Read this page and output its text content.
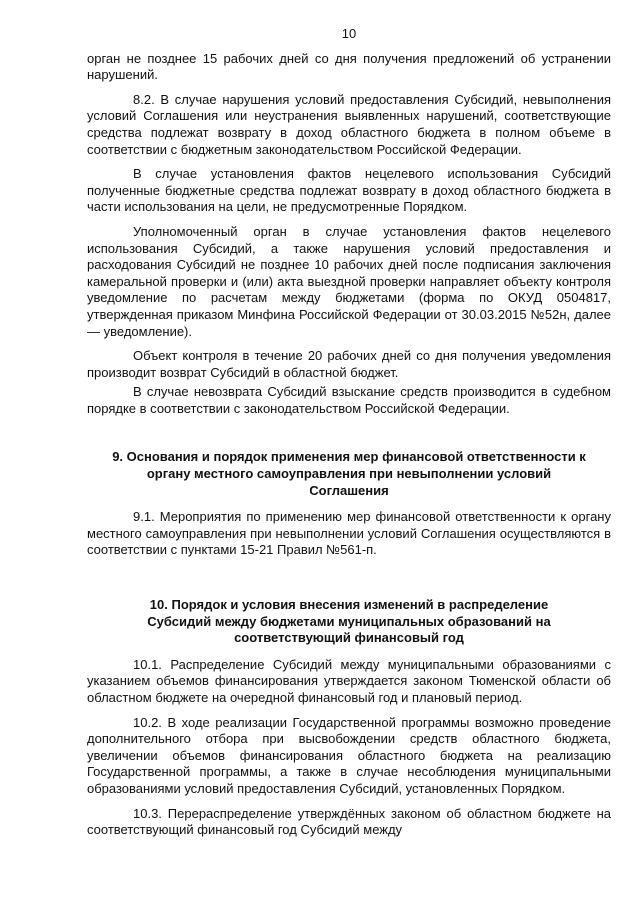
10

орган не позднее 15 рабочих дней со дня получения предложений об устранении нарушений.

8.2. В случае нарушения условий предоставления Субсидий, невыполнения условий Соглашения или неустранения выявленных нарушений, соответствующие средства подлежат возврату в доход областного бюджета в полном объеме в соответствии с бюджетным законодательством Российской Федерации.

В случае установления фактов нецелевого использования Субсидий полученные бюджетные средства подлежат возврату в доход областного бюджета в части использования на цели, не предусмотренные Порядком.

Уполномоченный орган в случае установления фактов нецелевого использования Субсидий, а также нарушения условий предоставления и расходования Субсидий не позднее 10 рабочих дней после подписания заключения камеральной проверки и (или) акта выездной проверки направляет объекту контроля уведомление по расчетам между бюджетами (форма по ОКУД 0504817, утвержденная приказом Минфина Российской Федерации от 30.03.2015 №52н, далее — уведомление).

Объект контроля в течение 20 рабочих дней со дня получения уведомления производит возврат Субсидий в областной бюджет.

В случае невозврата Субсидий взыскание средств производится в судебном порядке в соответствии с законодательством Российской Федерации.

9. Основания и порядок применения мер финансовой ответственности к
органу местного самоуправления при невыполнении условий
Соглашения

9.1. Мероприятия по применению мер финансовой ответственности к органу местного самоуправления при невыполнении условий Соглашения осуществляются в соответствии с пунктами 15-21 Правил №561-п.

10. Порядок и условия внесения изменений в распределение
Субсидий между бюджетами муниципальных образований на
соответствующий финансовый год

10.1. Распределение Субсидий между муниципальными образованиями с указанием объемов финансирования утверждается законом Тюменской области об областном бюджете на очередной финансовый год и плановый период.

10.2. В ходе реализации Государственной программы возможно проведение дополнительного отбора при высвобождении средств областного бюджета, увеличении объемов финансирования областного бюджета на реализацию Государственной программы, а также в случае несоблюдения муниципальными образованиями условий предоставления Субсидий, установленных Порядком.

10.3. Перераспределение утверждённых законом об областном бюджете на соответствующий финансовый год Субсидий между
